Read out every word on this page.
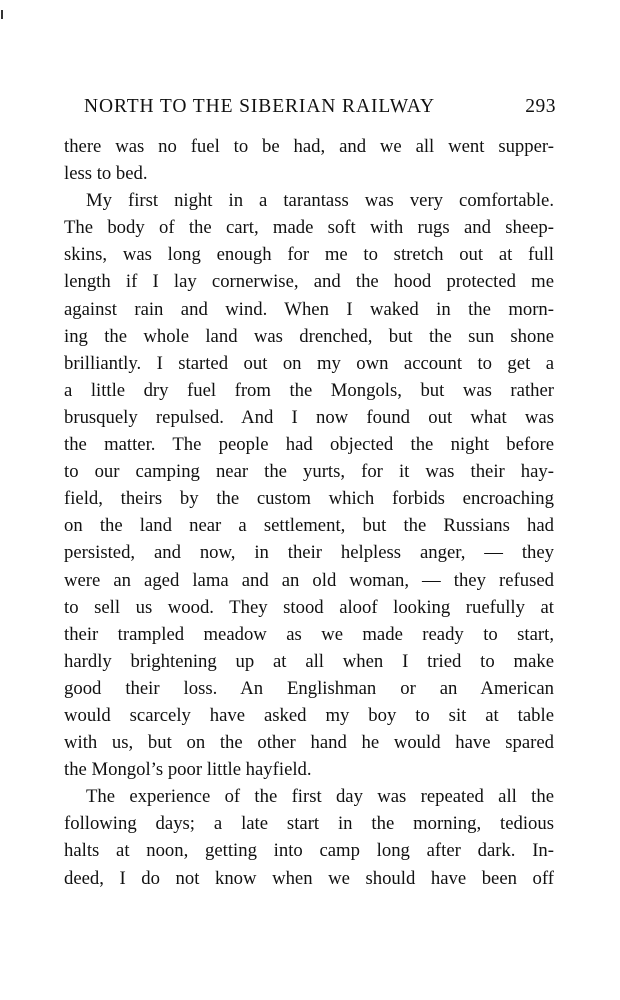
NORTH TO THE SIBERIAN RAILWAY	293
there was no fuel to be had, and we all went supper-
less to bed.
My first night in a tarantass was very comfortable.
The body of the cart, made soft with rugs and sheep-
skins, was long enough for me to stretch out at full
length if I lay cornerwise, and the hood protected me
against rain and wind. When I waked in the morn-
ing the whole land was drenched, but the sun shone
brilliantly. I started out on my own account to get a
a little dry fuel from the Mongols, but was rather
brusquely repulsed. And I now found out what was
the matter. The people had objected the night before
to our camping near the yurts, for it was their hay-
field, theirs by the custom which forbids encroaching
on the land near a settlement, but the Russians had
persisted, and now, in their helpless anger, — they
were an aged lama and an old woman, — they refused
to sell us wood. They stood aloof looking ruefully at
their trampled meadow as we made ready to start,
hardly brightening up at all when I tried to make
good their loss. An Englishman or an American
would scarcely have asked my boy to sit at table
with us, but on the other hand he would have spared
the Mongol’s poor little hayfield.
The experience of the first day was repeated all the
following days; a late start in the morning, tedious
halts at noon, getting into camp long after dark. In-
deed, I do not know when we should have been off
